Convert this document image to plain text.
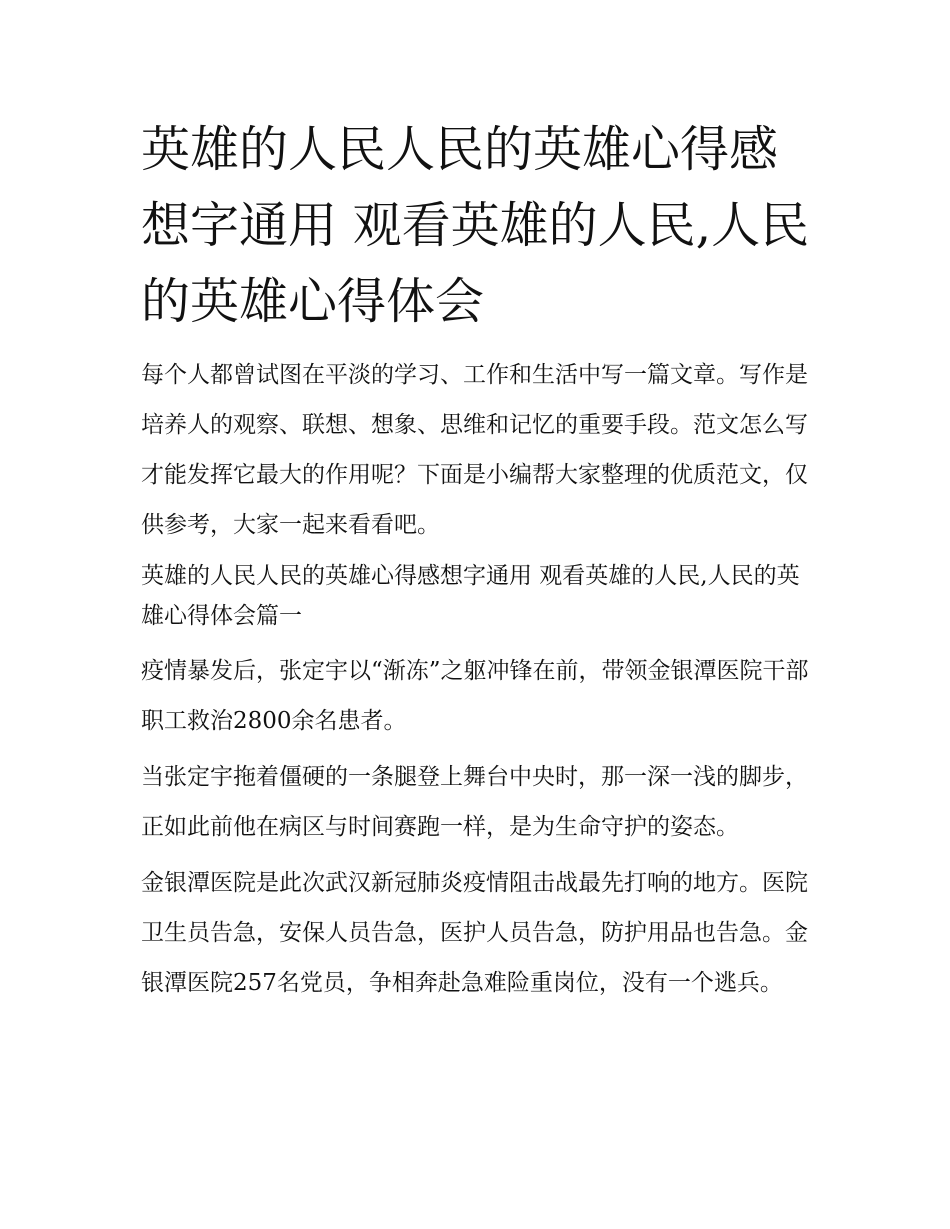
英雄的人民人民的英雄心得感想字通用 观看英雄的人民,人民的英雄心得体会

每个人都曾试图在平淡的学习、工作和生活中写一篇文章。写作是培养人的观察、联想、想象、思维和记忆的重要手段。范文怎么写才能发挥它最大的作用呢？下面是小编帮大家整理的优质范文，仅供参考，大家一起来看看吧。

英雄的人民人民的英雄心得感想字通用 观看英雄的人民,人民的英雄心得体会篇一

疫情暴发后，张定宇以“渐冻”之躯冲锋在前，带领金银潭医院干部职工救治2800余名患者。

当张定宇拖着僵硬的一条腿登上舞台中央时，那一深一浅的脚步，正如此前他在病区与时间赛跑一样，是为生命守护的姿态。

金银潭医院是此次武汉新冠肺炎疫情阻击战最先打响的地方。医院卫生员告急，安保人员告急，医护人员告急，防护用品也告急。金银潭医院257名党员，争相奔赴急难险重岗位，没有一个逃兵。
